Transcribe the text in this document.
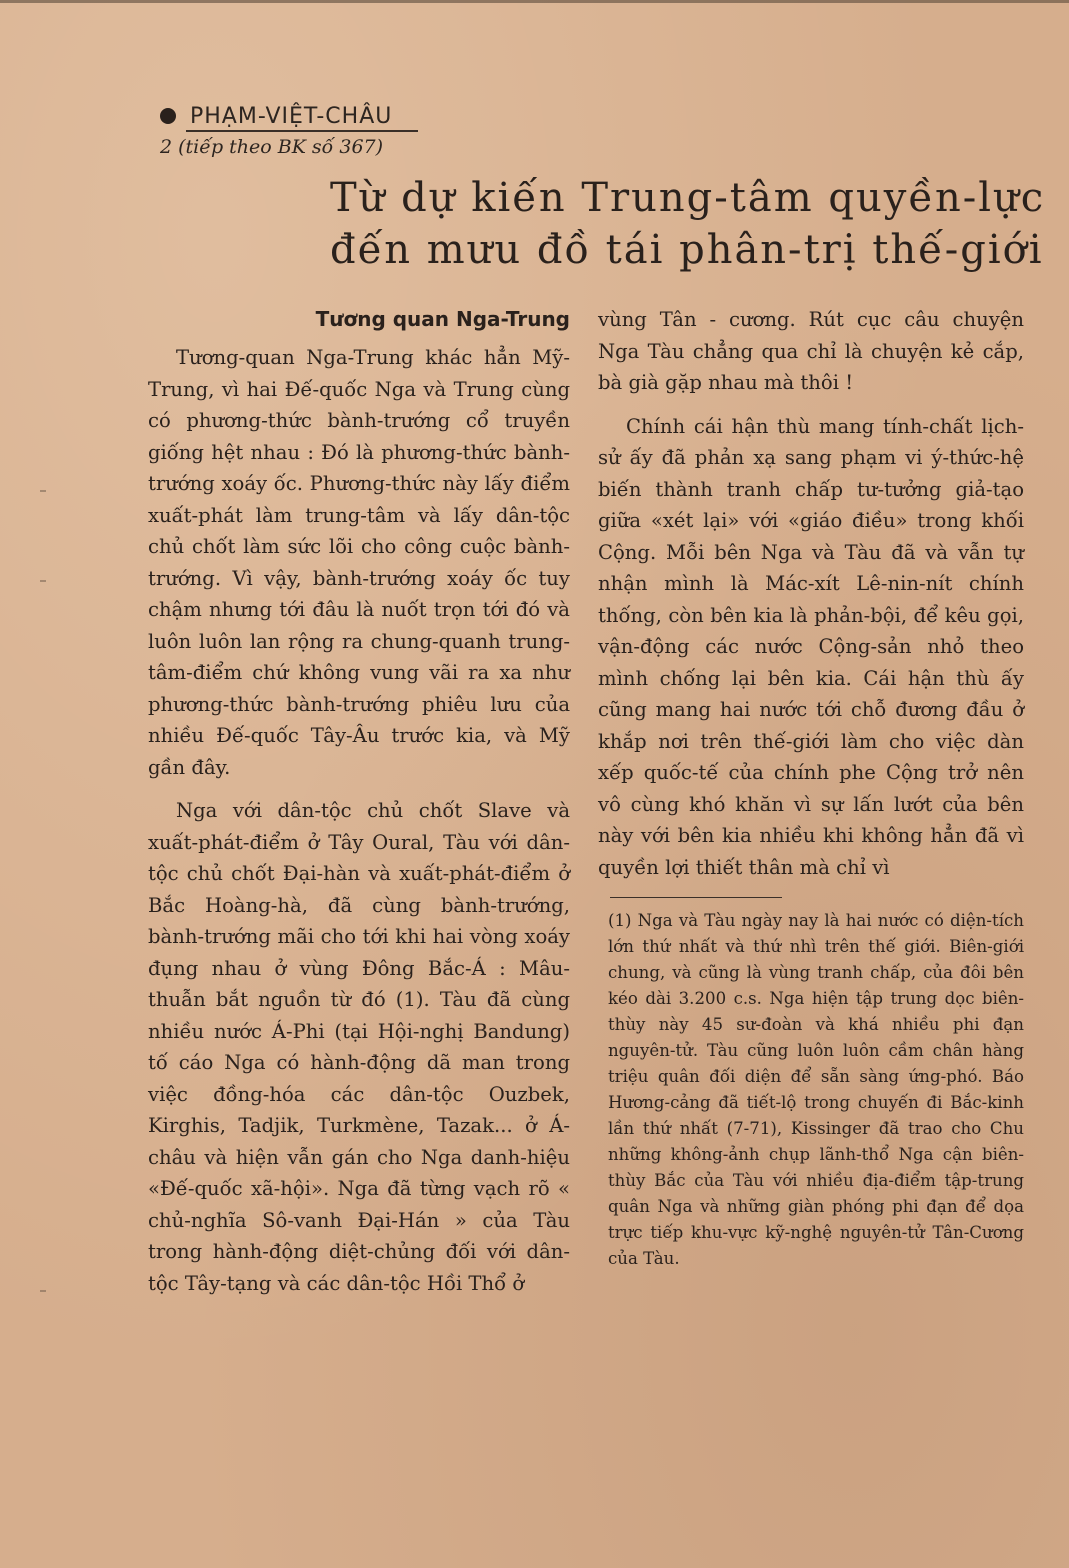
PHẠM-VIỆT-CHÂU
2 (tiếp theo BK số 367)
Từ dự kiến Trung-tâm quyền-lực
đến mưu đồ tái phân-trị thế-giới
Tương quan Nga-Trung

Tương-quan Nga-Trung khác hẳn Mỹ-Trung, vì hai Đế-quốc Nga và Trung cùng có phương-thức bành-trướng cổ truyền giống hệt nhau : Đó là phương-thức bành-trướng xoáy ốc. Phương-thức này lấy điểm xuất-phát làm trung-tâm và lấy dân-tộc chủ chốt làm sức lõi cho công cuộc bành-trướng. Vì vậy, bành-trướng xoáy ốc tuy chậm nhưng tới đâu là nuốt trọn tới đó và luôn luôn lan rộng ra chung-quanh trung-tâm-điểm chứ không vung vãi ra xa như phương-thức bành-trướng phiêu lưu của nhiều Đế-quốc Tây-Âu trước kia, và Mỹ gần đây.

Nga với dân-tộc chủ chốt Slave và xuất-phát-điểm ở Tây Oural, Tàu với dân-tộc chủ chốt Đại-hàn và xuất-phát-điểm ở Bắc Hoàng-hà, đã cùng bành-trướng, bành-trướng mãi cho tới khi hai vòng xoáy đụng nhau ở vùng Đông Bắc-Á : Mâu-thuẫn bắt nguồn từ đó (1). Tàu đã cùng nhiều nước Á-Phi (tại Hội-nghị Bandung) tố cáo Nga có hành-động dã man trong việc đồng-hóa các dân-tộc Ouzbek, Kirghis, Tadjik, Turkmène, Tazak... ở Á-châu và hiện vẫn gán cho Nga danh-hiệu «Đế-quốc xã-hội». Nga đã từng vạch rõ « chủ-nghĩa Sô-vanh Đại-Hán » của Tàu trong hành-động diệt-chủng đối với dân-tộc Tây-tạng và các dân-tộc Hồi Thổ ở

vùng Tân - cương. Rút cục câu chuyện Nga Tàu chẳng qua chỉ là chuyện kẻ cắp, bà già gặp nhau mà thôi !

Chính cái hận thù mang tính-chất lịch-sử ấy đã phản xạ sang phạm vi ý-thức-hệ biến thành tranh chấp tư-tưởng giả-tạo giữa «xét lại» với «giáo điều» trong khối Cộng. Mỗi bên Nga và Tàu đã và vẫn tự nhận mình là Mác-xít Lê-nin-nít chính thống, còn bên kia là phản-bội, để kêu gọi, vận-động các nước Cộng-sản nhỏ theo mình chống lại bên kia. Cái hận thù ấy cũng mang hai nước tới chỗ đương đầu ở khắp nơi trên thế-giới làm cho việc dàn xếp quốc-tế của chính phe Cộng trở nên vô cùng khó khăn vì sự lấn lướt của bên này với bên kia nhiều khi không hẳn đã vì quyền lợi thiết thân mà chỉ vì

(1) Nga và Tàu ngày nay là hai nước có diện-tích lớn thứ nhất và thứ nhì trên thế giới. Biên-giới chung, và cũng là vùng tranh chấp, của đôi bên kéo dài 3.200 c.s. Nga hiện tập trung dọc biên-thùy này 45 sư-đoàn và khá nhiều phi đạn nguyên-tử. Tàu cũng luôn luôn cầm chân hàng triệu quân đối diện để sẵn sàng ứng-phó. Báo Hương-cảng đã tiết-lộ trong chuyến đi Bắc-kinh lần thứ nhất (7-71), Kissinger đã trao cho Chu những không-ảnh chụp lãnh-thổ Nga cận biên-thùy Bắc của Tàu với nhiều địa-điểm tập-trung quân Nga và những giàn phóng phi đạn để dọa trực tiếp khu-vực kỹ-nghệ nguyên-tử Tân-Cương của Tàu.
